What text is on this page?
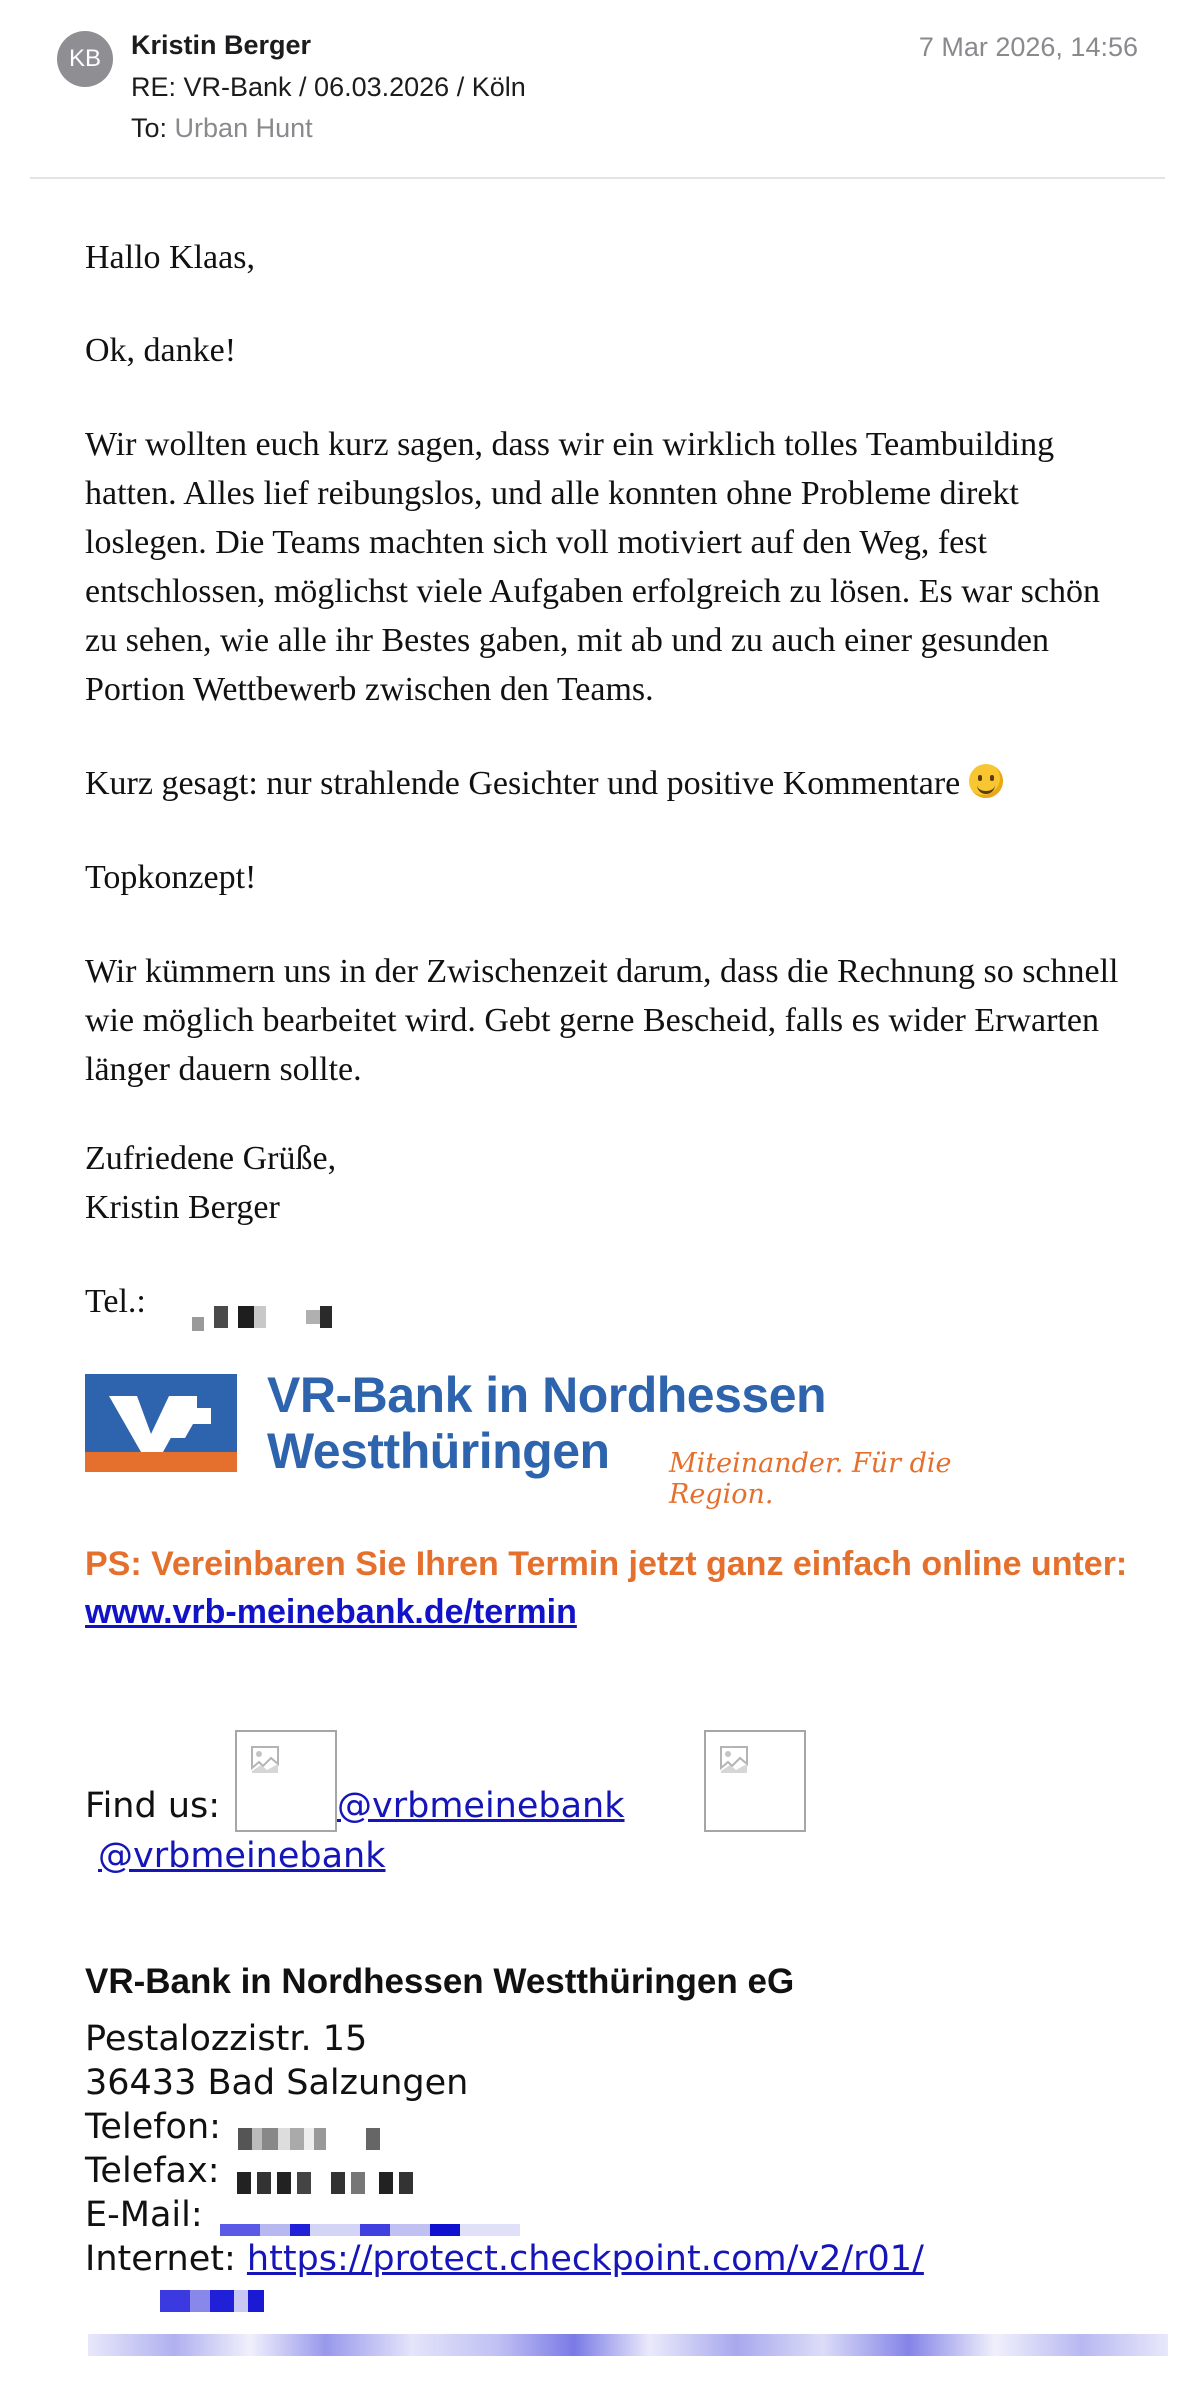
KB	Kristin Berger
RE: VR-Bank / 06.03.2026 / Köln
To: Urban Hunt
7 Mar 2026, 14:56

Hallo Klaas,

Ok, danke!

Wir wollten euch kurz sagen, dass wir ein wirklich tolles Teambuilding hatten. Alles lief reibungslos, und alle konnten ohne Probleme direkt loslegen. Die Teams machten sich voll motiviert auf den Weg, fest entschlossen, möglichst viele Aufgaben erfolgreich zu lösen. Es war schön zu sehen, wie alle ihr Bestes gaben, mit ab und zu auch einer gesunden Portion Wettbewerb zwischen den Teams.

Kurz gesagt: nur strahlende Gesichter und positive Kommentare

Topkonzept!

Wir kümmern uns in der Zwischenzeit darum, dass die Rechnung so schnell wie möglich bearbeitet wird. Gebt gerne Bescheid, falls es wider Erwarten länger dauern sollte.

Zufriedene Grüße,

Kristin Berger

Tel.:

VR-Bank in Nordhessen
Westthüringen Miteinander. Für die Region.
PS: Vereinbaren Sie Ihren Termin jetzt ganz einfach online unter: www.vrb-meinebank.de/termin
Find us:	@vrbmeinebank
@vrbmeinebank
VR-Bank in Nordhessen Westthüringen eG
Pestalozzistr. 15
36433 Bad Salzungen
Telefon:
Telefax:
E-Mail:
Internet: https://protect.checkpoint.com/v2/r01/
